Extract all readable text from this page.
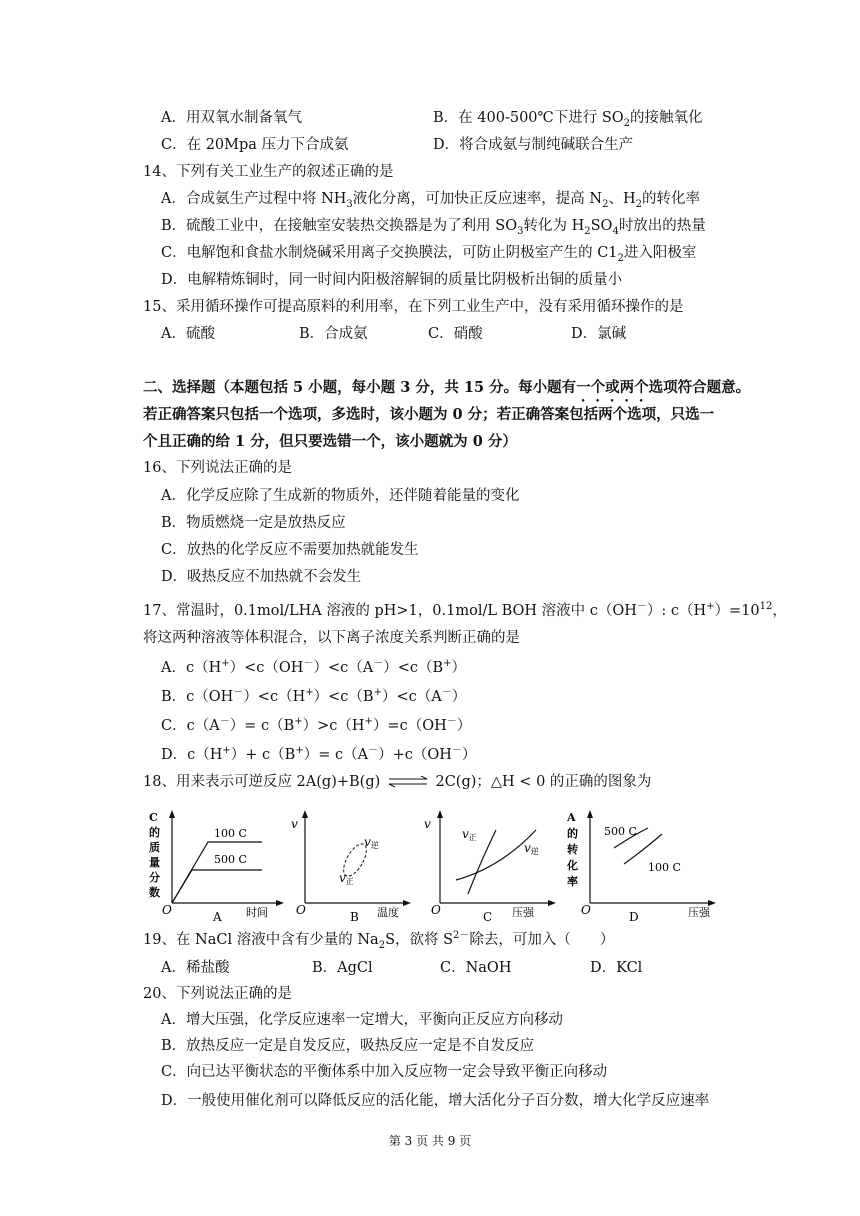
A．用双氧水制备氧气	B．在 400-500℃下进行 $SO_2$的接触氧化
C．在 20Mpa 压力下合成氨	D．将合成氨与制纯碱联合生产
14、下列有关工业生产的叙述正确的是
A．合成氨生产过程中将 $NH_3$液化分离，可加快正反应速率，提高 $N_2$、$H_2$的转化率
B．硫酸工业中，在接触室安装热交换器是为了利用 $SO_3$转化为 $H_2SO_4$时放出的热量
C．电解饱和食盐水制烧碱采用离子交换膜法，可防止阴极室产生的 $C1_2$进入阳极室
D．电解精炼铜时，同一时间内阳极溶解铜的质量比阴极析出铜的质量小
15、采用循环操作可提高原料的利用率，在下列工业生产中，没有采用循环操作的是
A．硫酸	B．合成氨	C．硝酸	D．氯碱
二、选择题（本题包括 5 小题，每小题 3 分，共 15 分。每小题有一个或两个选项符合题意。
若正确答案只包括一个选项，多选时，该小题为 0 分；若正确答案包括两个选项，只选一
个且正确的给 1 分，但只要选错一个，该小题就为 0 分）
16、下列说法正确的是
A．化学反应除了生成新的物质外，还伴随着能量的变化
B．物质燃烧一定是放热反应
C．放热的化学反应不需要加热就能发生
D．吸热反应不加热就不会发生
17、常温时，0.1mol/LHA 溶液的 pH>1，0.1mol/L BOH 溶液中 c（OH－）: $c(H^+)=10^{12}$，
将这两种溶液等体积混合，以下离子浓度关系判断正确的是
A．c（H+）<c（OH－）<c（A－）<c（B+）
B．c（OH－）<c（H+）<c（B+）<c（A－）
C．c（A－）= c（B+）>c（H+）=c（OH－）
D．c（H+）+ c（B+）= c（A－）+c（OH－）
18、用来表示可逆反应 2A(g)+B(g) ⇌ 2C(g)；△H < 0 的正确的图象为
C
的
质
量
分
数
100 C
500 C
O	A 时间
v
v逆
v正
O	B 温度
v
v正
v逆
O	C 压强
A
的
转
化
率
500 C
100 C
O	D	压强
19、在 NaCl 溶液中含有少量的 $Na_2S$，欲将 $S^{2-}$除去，可加入（　　）
A．稀盐酸	B．AgCl	C．NaOH	D．KCl
20、下列说法正确的是
A．增大压强，化学反应速率一定增大，平衡向正反应方向移动
B．放热反应一定是自发反应，吸热反应一定是不自发反应
C．向已达平衡状态的平衡体系中加入反应物一定会导致平衡正向移动
D．一般使用催化剂可以降低反应的活化能，增大活化分子百分数，增大化学反应速率
第 3 页 共 9 页
